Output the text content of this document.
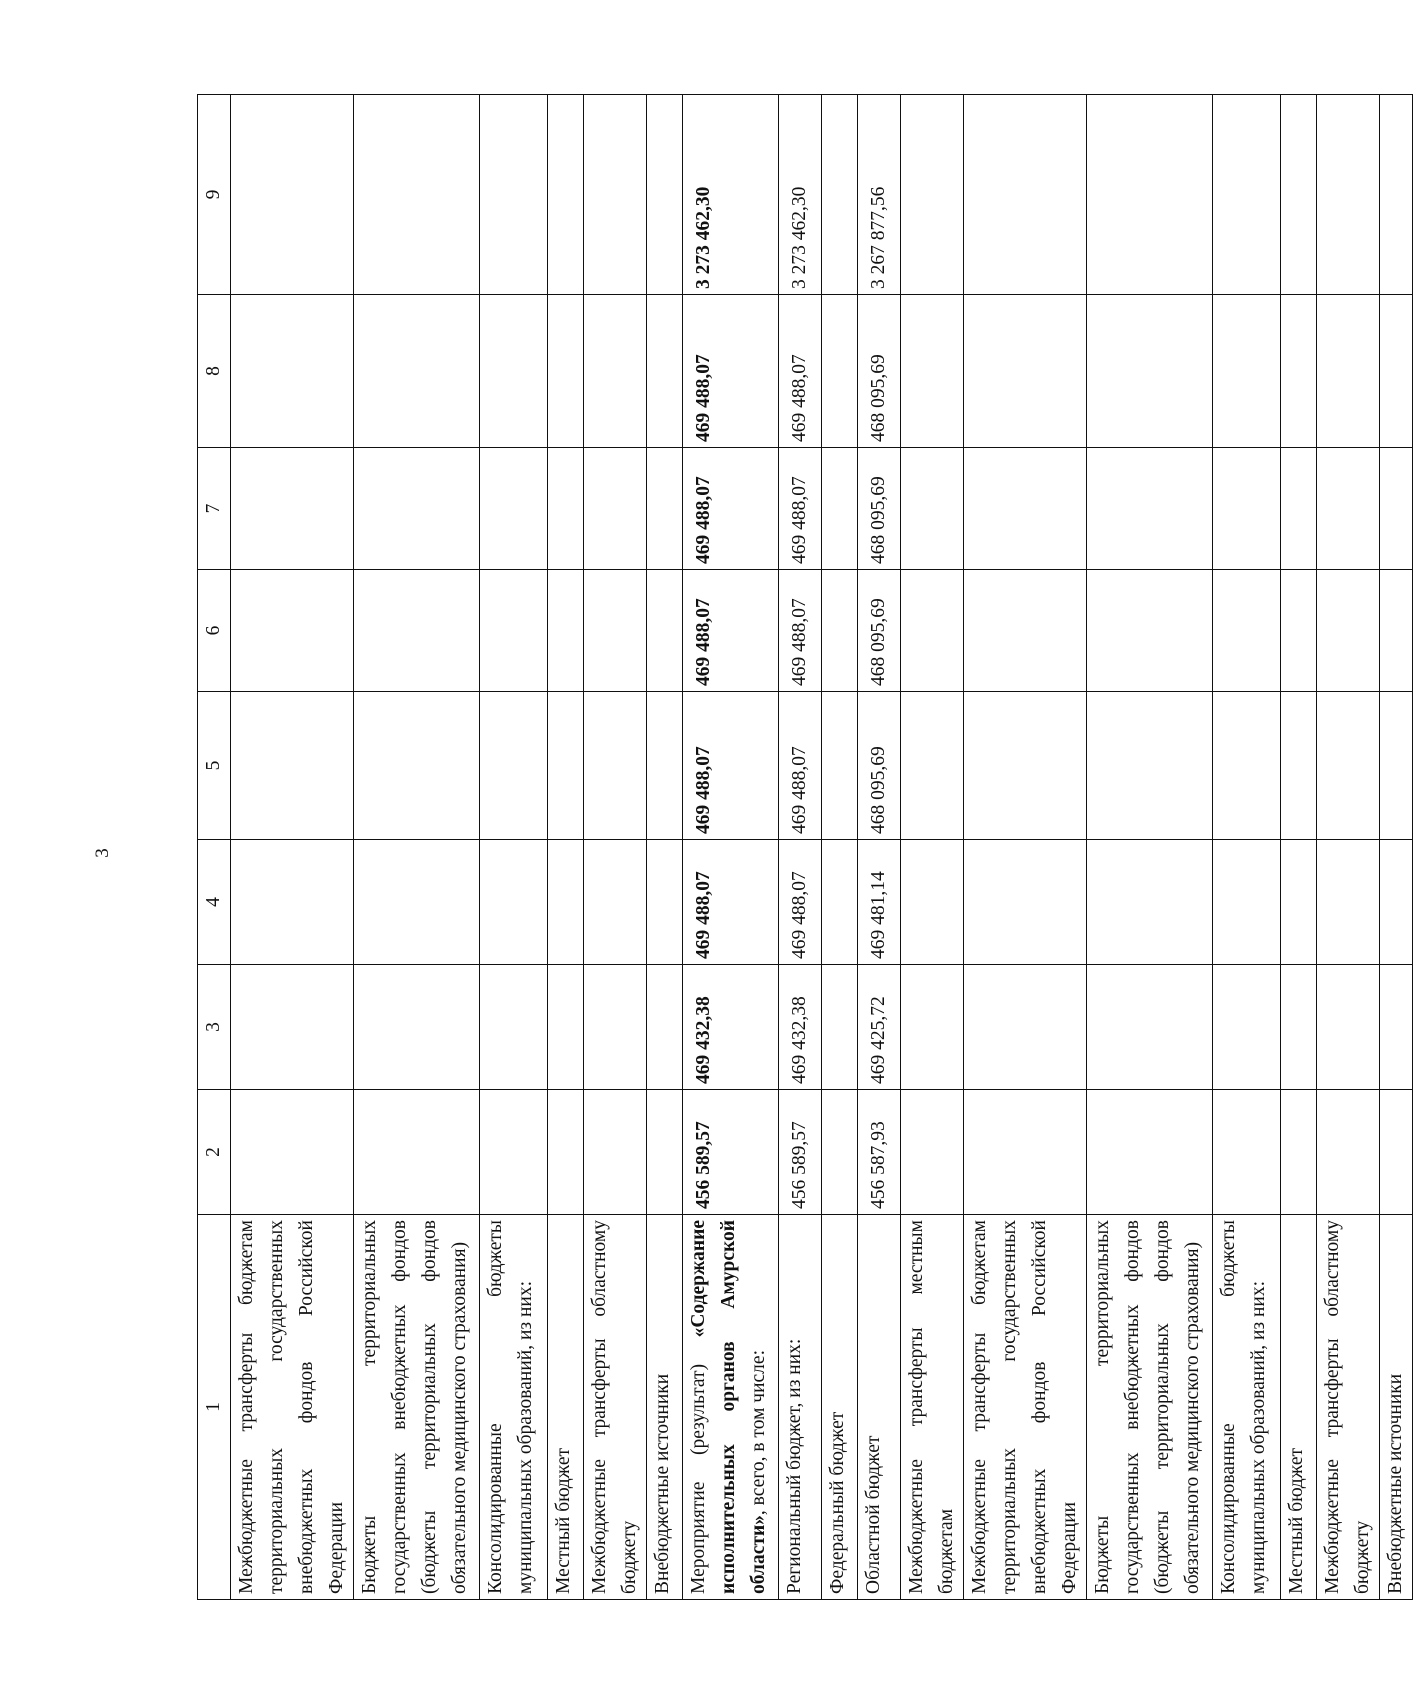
3
1	2	3	4	5	6	7	8	9
Межбюджетные трансферты бюджетам территориальных государственных внебюджетных фондов Российской Федерации								
Бюджеты территориальных государственных внебюджетных фондов (бюджеты территориальных фондов обязательного медицинского страхования)								
Консолидированные бюджеты муниципальных образований, из них:								
Местный бюджет								
Межбюджетные трансферты областному бюджету								
Внебюджетные источники								
Мероприятие (результат) «Содержание исполнительных органов Амурской области», всего, в том числе:	456 589,57	469 432,38	469 488,07	469 488,07	469 488,07	469 488,07	469 488,07	3 273 462,30
Региональный бюджет, из них:	456 589,57	469 432,38	469 488,07	469 488,07	469 488,07	469 488,07	469 488,07	3 273 462,30
Федеральный бюджет								
Областной бюджет	456 587,93	469 425,72	469 481,14	468 095,69	468 095,69	468 095,69	468 095,69	3 267 877,56
Межбюджетные трансферты местным бюджетам								
Межбюджетные трансферты бюджетам территориальных государственных внебюджетных фондов Российской Федерации								
Бюджеты территориальных государственных внебюджетных фондов (бюджеты территориальных фондов обязательного медицинского страхования)								
Консолидированные бюджеты муниципальных образований, из них:								
Местный бюджет								
Межбюджетные трансферты областному бюджету								
Внебюджетные источники								
